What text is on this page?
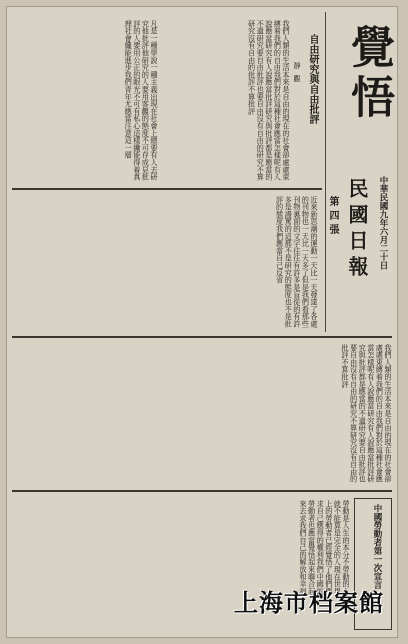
覺悟
中華民國九年六月二十日
民國日報
第四張
自由研究與自由批評
靜觀
我們人類的生活本來是自由的現在的社會卻處處束縛着我們的自由我們對於這種社會應當怎樣呢有人說應當研究有人說應當批評研究與批評都是應當的不過研究要自由批評也要自由沒有自由的研究不算研究沒有自由的批評不算批評
凡是一種學說一種主義出現在社會上總要有人去研究他批評他研究的人要用客觀的態度不可存成見批評的人要用公正的眼光不可有私心這樣纔能得着真理社會纔能進步我們青年尤應當注意這一層
近來新思潮的運動一天比一天發達了各處的刊物也一天比一天多了但是我們看那些刊物裏面的文字往往有許多是盲從的有許多是謾罵的這都不是研究的態度也不是批評的態度我們應當自己反省
我們人類的生活本來是自由的現在的社會卻處處束縛着我們的自由我們對於這種社會應當怎樣呢有人說應當研究有人說應當批評研究與批評都是應當的不過研究要自由批評也要自由沒有自由的研究不算研究沒有自由的批評不算批評
中國勞動者第一次宣言
勞動是人生的本分不勞動的人就不能算是完全的人現在世界上的勞動者已經覺悟了他們要求自己應得的權利我們中國的勞動者也應當覺悟起來聯合起來去求我們自己的解放和幸福
上海市档案館
